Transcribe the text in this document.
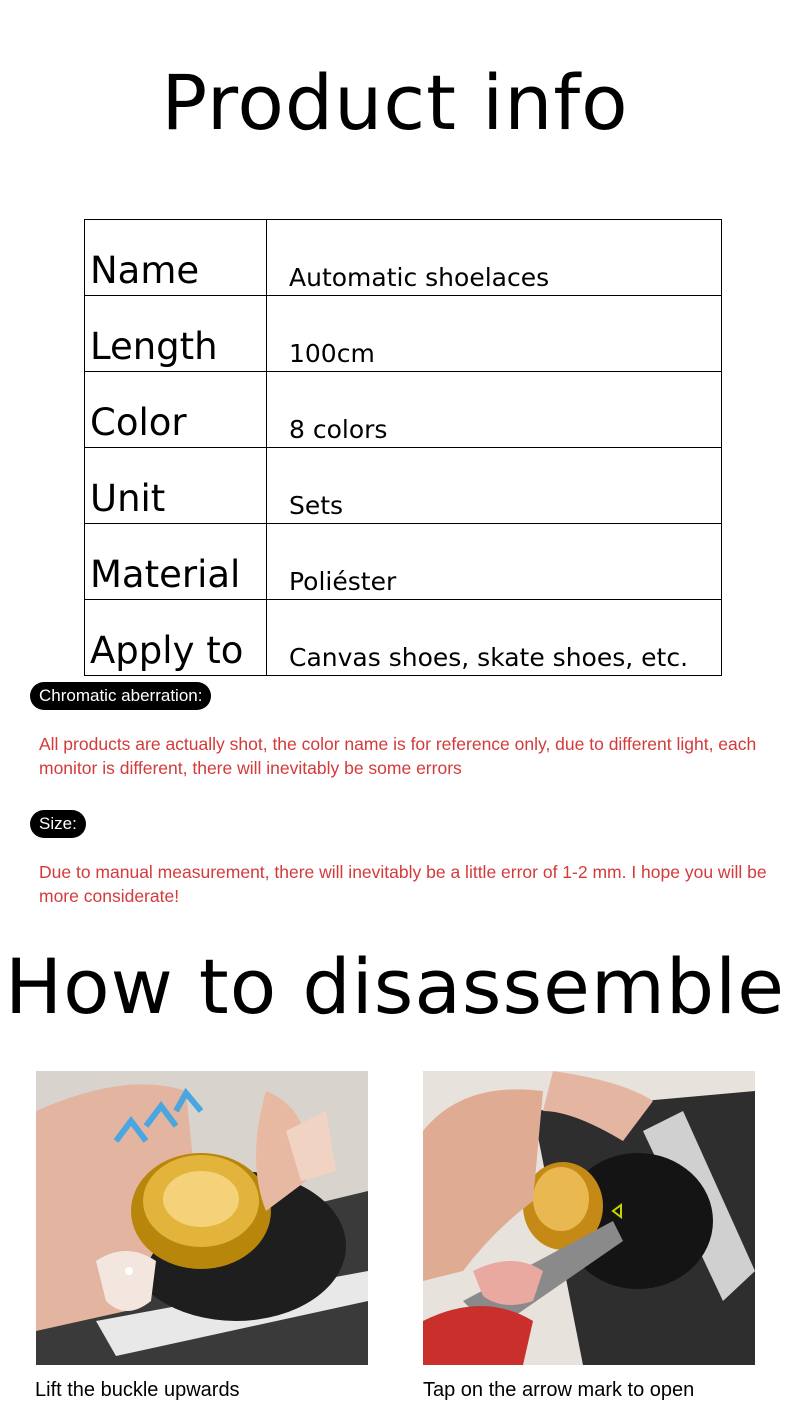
Product info
Name	Automatic shoelaces
Length	100cm
Color	8 colors
Unit	Sets
Material	Poliéster
Apply to	Canvas shoes, skate shoes, etc.
Chromatic aberration:

All products are actually shot, the color name is for reference only, due to different light, each monitor is different, there will inevitably be some errors

Size:

Due to manual measurement, there will inevitably be a little error of 1-2 mm. I hope you will be more considerate!

How to disassemble
Lift the buckle upwards	Tap on the arrow mark to open
